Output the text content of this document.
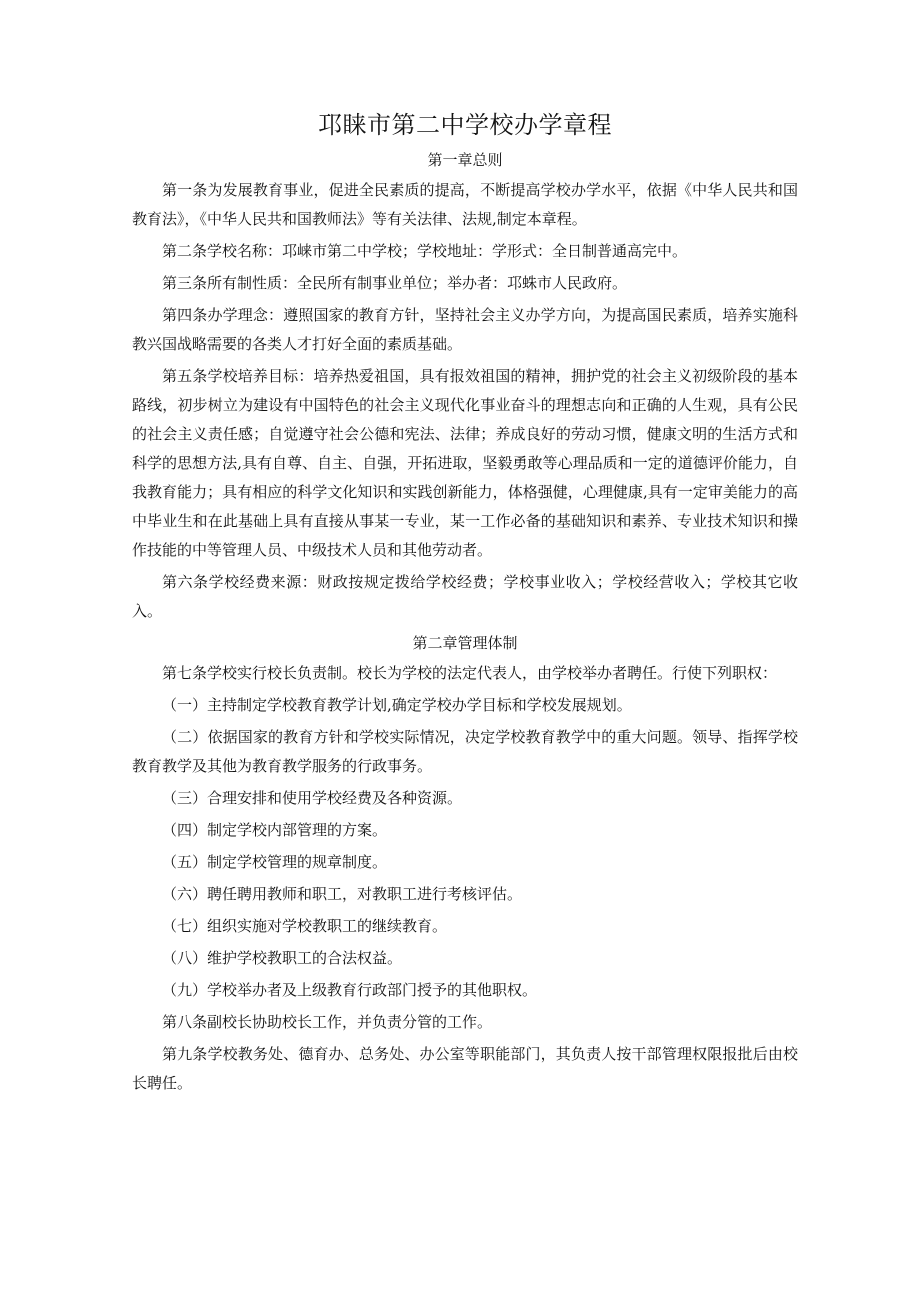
邛睐市第二中学校办学章程
第一章总则

第一条为发展教育事业，促进全民素质的提高，不断提高学校办学水平，依据《中华人民共和国教育法》，《中华人民共和国教师法》等有关法律、法规,制定本章程。

第二条学校名称：邛崃市第二中学校；学校地址：学形式：全日制普通高完中。

第三条所有制性质：全民所有制事业单位；举办者：邛蛛市人民政府。

第四条办学理念：遵照国家的教育方针，坚持社会主义办学方向，为提高国民素质，培养实施科教兴国战略需要的各类人才打好全面的素质基础。

第五条学校培养目标：培养热爱祖国，具有报效祖国的精神，拥护党的社会主义初级阶段的基本路线，初步树立为建设有中国特色的社会主义现代化事业奋斗的理想志向和正确的人生观，具有公民的社会主义责任感；自觉遵守社会公德和宪法、法律；养成良好的劳动习惯，健康文明的生活方式和科学的思想方法,具有自尊、自主、自强，开拓进取，坚毅勇敢等心理品质和一定的道德评价能力，自我教育能力；具有相应的科学文化知识和实践创新能力，体格强健，心理健康,具有一定审美能力的高中毕业生和在此基础上具有直接从事某一专业，某一工作必备的基础知识和素养、专业技术知识和操作技能的中等管理人员、中级技术人员和其他劳动者。

第六条学校经费来源：财政按规定拨给学校经费；学校事业收入；学校经营收入；学校其它收入。

第二章管理体制

第七条学校实行校长负责制。校长为学校的法定代表人，由学校举办者聘任。行使下列职权：

（一）主持制定学校教育教学计划,确定学校办学目标和学校发展规划。

（二）依据国家的教育方针和学校实际情况，决定学校教育教学中的重大问题。领导、指挥学校教育教学及其他为教育教学服务的行政事务。

（三）合理安排和使用学校经费及各种资源。

（四）制定学校内部管理的方案。

（五）制定学校管理的规章制度。

（六）聘任聘用教师和职工，对教职工进行考核评估。

（七）组织实施对学校教职工的继续教育。

（八）维护学校教职工的合法权益。

（九）学校举办者及上级教育行政部门授予的其他职权。

第八条副校长协助校长工作，并负责分管的工作。

第九条学校教务处、德育办、总务处、办公室等职能部门，其负责人按干部管理权限报批后由校长聘任。
